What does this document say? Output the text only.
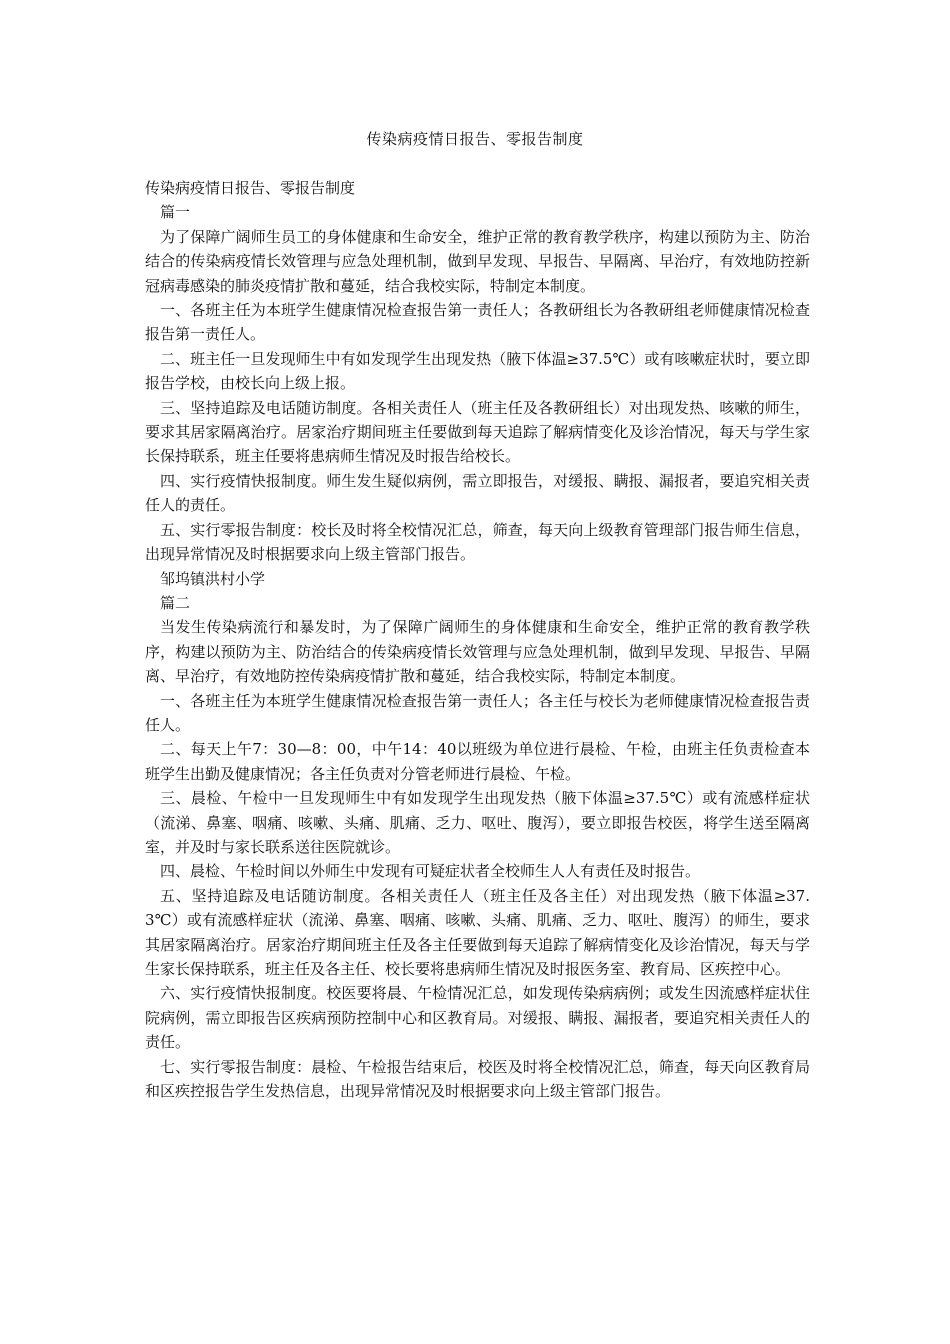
传染病疫情日报告、零报告制度

传染病疫情日报告、零报告制度

篇一

为了保障广阔师生员工的身体健康和生命安全，维护正常的教育教学秩序，构建以预防为主、防治结合的传染病疫情长效管理与应急处理机制，做到早发现、早报告、早隔离、早治疗，有效地防控新冠病毒感染的肺炎疫情扩散和蔓延，结合我校实际，特制定本制度。

一、各班主任为本班学生健康情况检查报告第一责任人；各教研组长为各教研组老师健康情况检查报告第一责任人。

二、班主任一旦发现师生中有如发现学生出现发热（腋下体温≥37.5℃）或有咳嗽症状时，要立即报告学校，由校长向上级上报。

三、坚持追踪及电话随访制度。各相关责任人（班主任及各教研组长）对出现发热、咳嗽的师生，要求其居家隔离治疗。居家治疗期间班主任要做到每天追踪了解病情变化及诊治情况，每天与学生家长保持联系，班主任要将患病师生情况及时报告给校长。

四、实行疫情快报制度。师生发生疑似病例，需立即报告，对缓报、瞒报、漏报者，要追究相关责任人的责任。

五、实行零报告制度：校长及时将全校情况汇总，筛查，每天向上级教育管理部门报告师生信息，出现异常情况及时根据要求向上级主管部门报告。

邹坞镇洪村小学

篇二

当发生传染病流行和暴发时，为了保障广阔师生的身体健康和生命安全，维护正常的教育教学秩序，构建以预防为主、防治结合的传染病疫情长效管理与应急处理机制，做到早发现、早报告、早隔离、早治疗，有效地防控传染病疫情扩散和蔓延，结合我校实际，特制定本制度。

一、各班主任为本班学生健康情况检查报告第一责任人；各主任与校长为老师健康情况检查报告责任人。

二、每天上午7：30—8：00，中午14：40以班级为单位进行晨检、午检，由班主任负责检查本班学生出勤及健康情况；各主任负责对分管老师进行晨检、午检。

三、晨检、午检中一旦发现师生中有如发现学生出现发热（腋下体温≥37.5℃）或有流感样症状（流涕、鼻塞、咽痛、咳嗽、头痛、肌痛、乏力、呕吐、腹泻），要立即报告校医，将学生送至隔离室，并及时与家长联系送往医院就诊。

四、晨检、午检时间以外师生中发现有可疑症状者全校师生人人有责任及时报告。

五、坚持追踪及电话随访制度。各相关责任人（班主任及各主任）对出现发热（腋下体温≥37.3℃）或有流感样症状（流涕、鼻塞、咽痛、咳嗽、头痛、肌痛、乏力、呕吐、腹泻）的师生，要求其居家隔离治疗。居家治疗期间班主任及各主任要做到每天追踪了解病情变化及诊治情况，每天与学生家长保持联系，班主任及各主任、校长要将患病师生情况及时报医务室、教育局、区疾控中心。

六、实行疫情快报制度。校医要将晨、午检情况汇总，如发现传染病病例；或发生因流感样症状住院病例，需立即报告区疾病预防控制中心和区教育局。对缓报、瞒报、漏报者，要追究相关责任人的责任。

七、实行零报告制度：晨检、午检报告结束后，校医及时将全校情况汇总，筛查，每天向区教育局和区疾控报告学生发热信息，出现异常情况及时根据要求向上级主管部门报告。
